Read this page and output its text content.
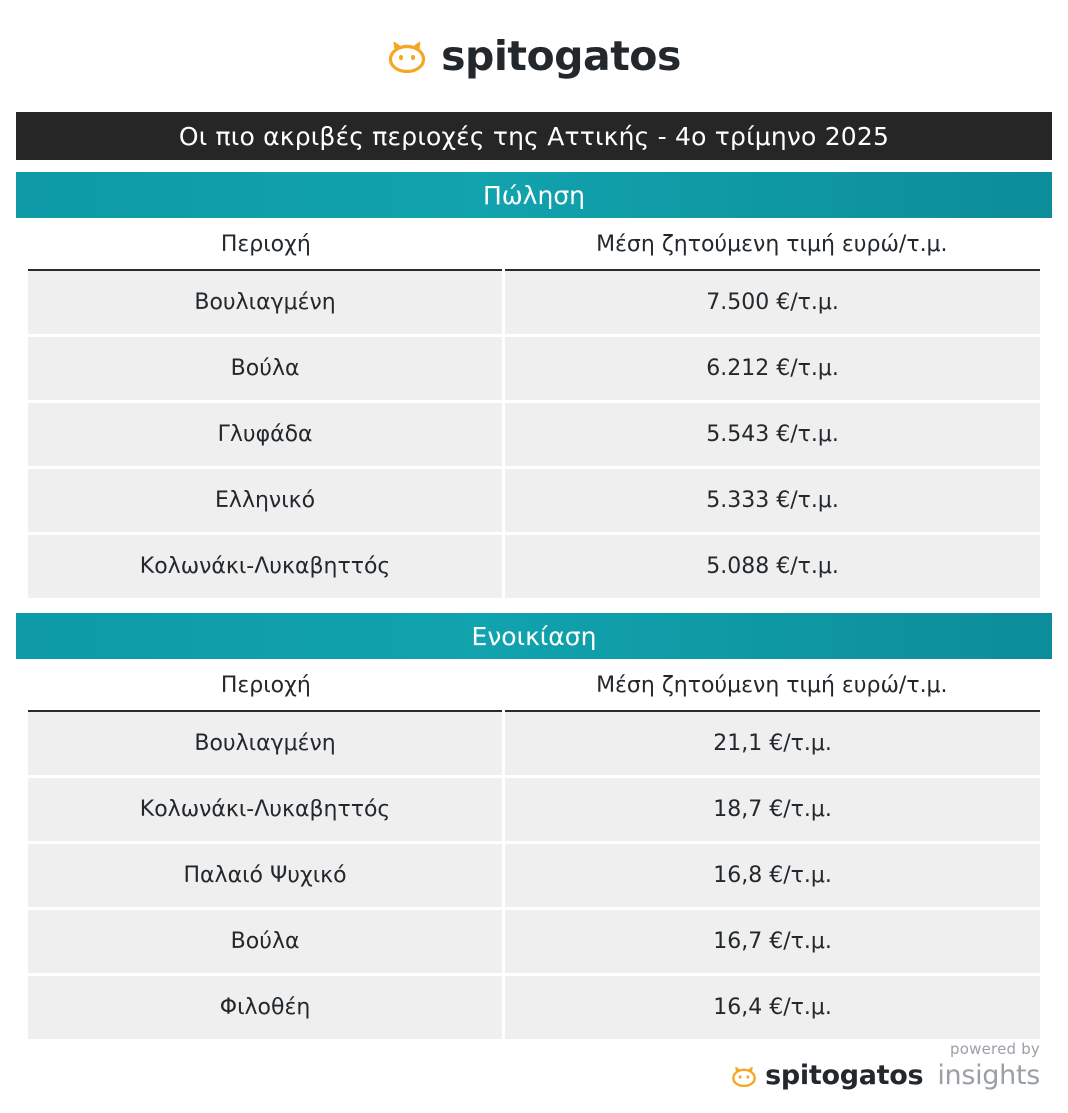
spitogatos
Οι πιο ακριβές περιοχές της Αττικής - 4ο τρίμηνο 2025
Πώληση
Περιοχή	Μέση ζητούμενη τιμή ευρώ/τ.μ.
Βουλιαγμένη	7.500 €/τ.μ.
Βούλα	6.212 €/τ.μ.
Γλυφάδα	5.543 €/τ.μ.
Ελληνικό	5.333 €/τ.μ.
Κολωνάκι-Λυκαβηττός	5.088 €/τ.μ.
Ενοικίαση
Περιοχή	Μέση ζητούμενη τιμή ευρώ/τ.μ.
Βουλιαγμένη	21,1 €/τ.μ.
Κολωνάκι-Λυκαβηττός	18,7 €/τ.μ.
Παλαιό Ψυχικό	16,8 €/τ.μ.
Βούλα	16,7 €/τ.μ.
Φιλοθέη	16,4 €/τ.μ.
powered by
spitogatos insights
